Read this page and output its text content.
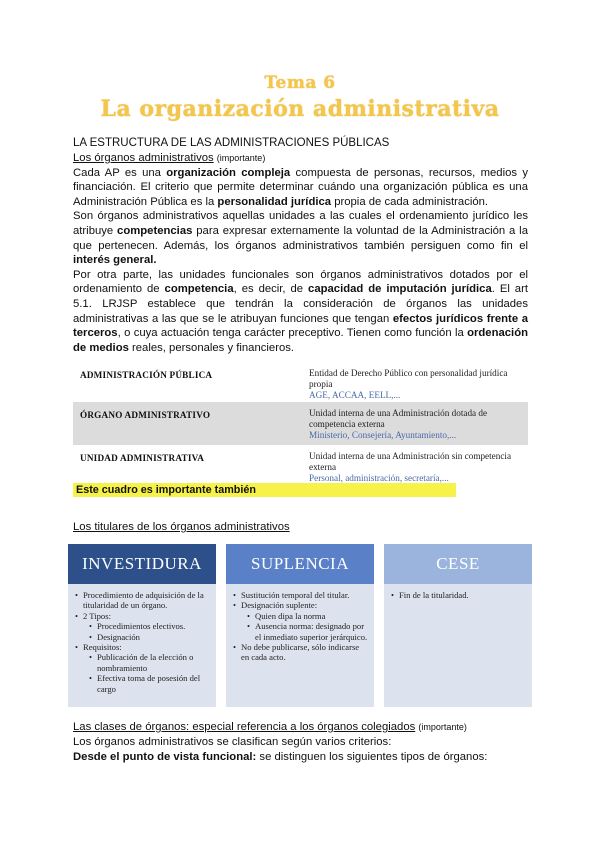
Tema 6
La organización administrativa
LA ESTRUCTURA DE LAS ADMINISTRACIONES PÚBLICAS
Los órganos administrativos (importante)

Cada AP es una organización compleja compuesta de personas, recursos, medios y financiación. El criterio que permite determinar cuándo una organización pública es una Administración Pública es la personalidad jurídica propia de cada administración.

Son órganos administrativos aquellas unidades a las cuales el ordenamiento jurídico les atribuye competencias para expresar externamente la voluntad de la Administración a la que pertenecen. Además, los órganos administrativos también persiguen como fin el interés general.

Por otra parte, las unidades funcionales son órganos administrativos dotados por el ordenamiento de competencia, es decir, de capacidad de imputación jurídica. El art 5.1. LRJSP establece que tendrán la consideración de órganos las unidades administrativas a las que se le atribuyan funciones que tengan efectos jurídicos frente a terceros, o cuya actuación tenga carácter preceptivo. Tienen como función la ordenación de medios reales, personales y financieros.

ADMINISTRACIÓN PÚBLICA	Entidad de Derecho Público con personalidad jurídica propia
AGE, ACCAA, EELL,...
ÓRGANO ADMINISTRATIVO	Unidad interna de una Administración dotada de competencia externa
Ministerio, Consejería, Ayuntamiento,...
UNIDAD ADMINISTRATIVA	Unidad interna de una Administración sin competencia externa
Personal, administración, secretaría,...
Este cuadro es importante también
Los titulares de los órganos administrativos
INVESTIDURA
• Procedimiento de adquisición de la titularidad de un órgano.
• 2 Tipos:
• Procedimientos electivos.
• Designación
• Requisitos:
• Publicación de la elección o nombramiento
• Efectiva toma de posesión del cargo
SUPLENCIA
• Sustitución temporal del titular.
• Designación suplente:
• Quien dipa la norma
• Ausencia norma: designado por el inmediato superior jerárquico.
• No debe publicarse, sólo indicarse en cada acto.
CESE
• Fin de la titularidad.
Las clases de órganos: especial referencia a los órganos colegiados (importante)
Los órganos administrativos se clasifican según varios criterios:
Desde el punto de vista funcional: se distinguen los siguientes tipos de órganos:
